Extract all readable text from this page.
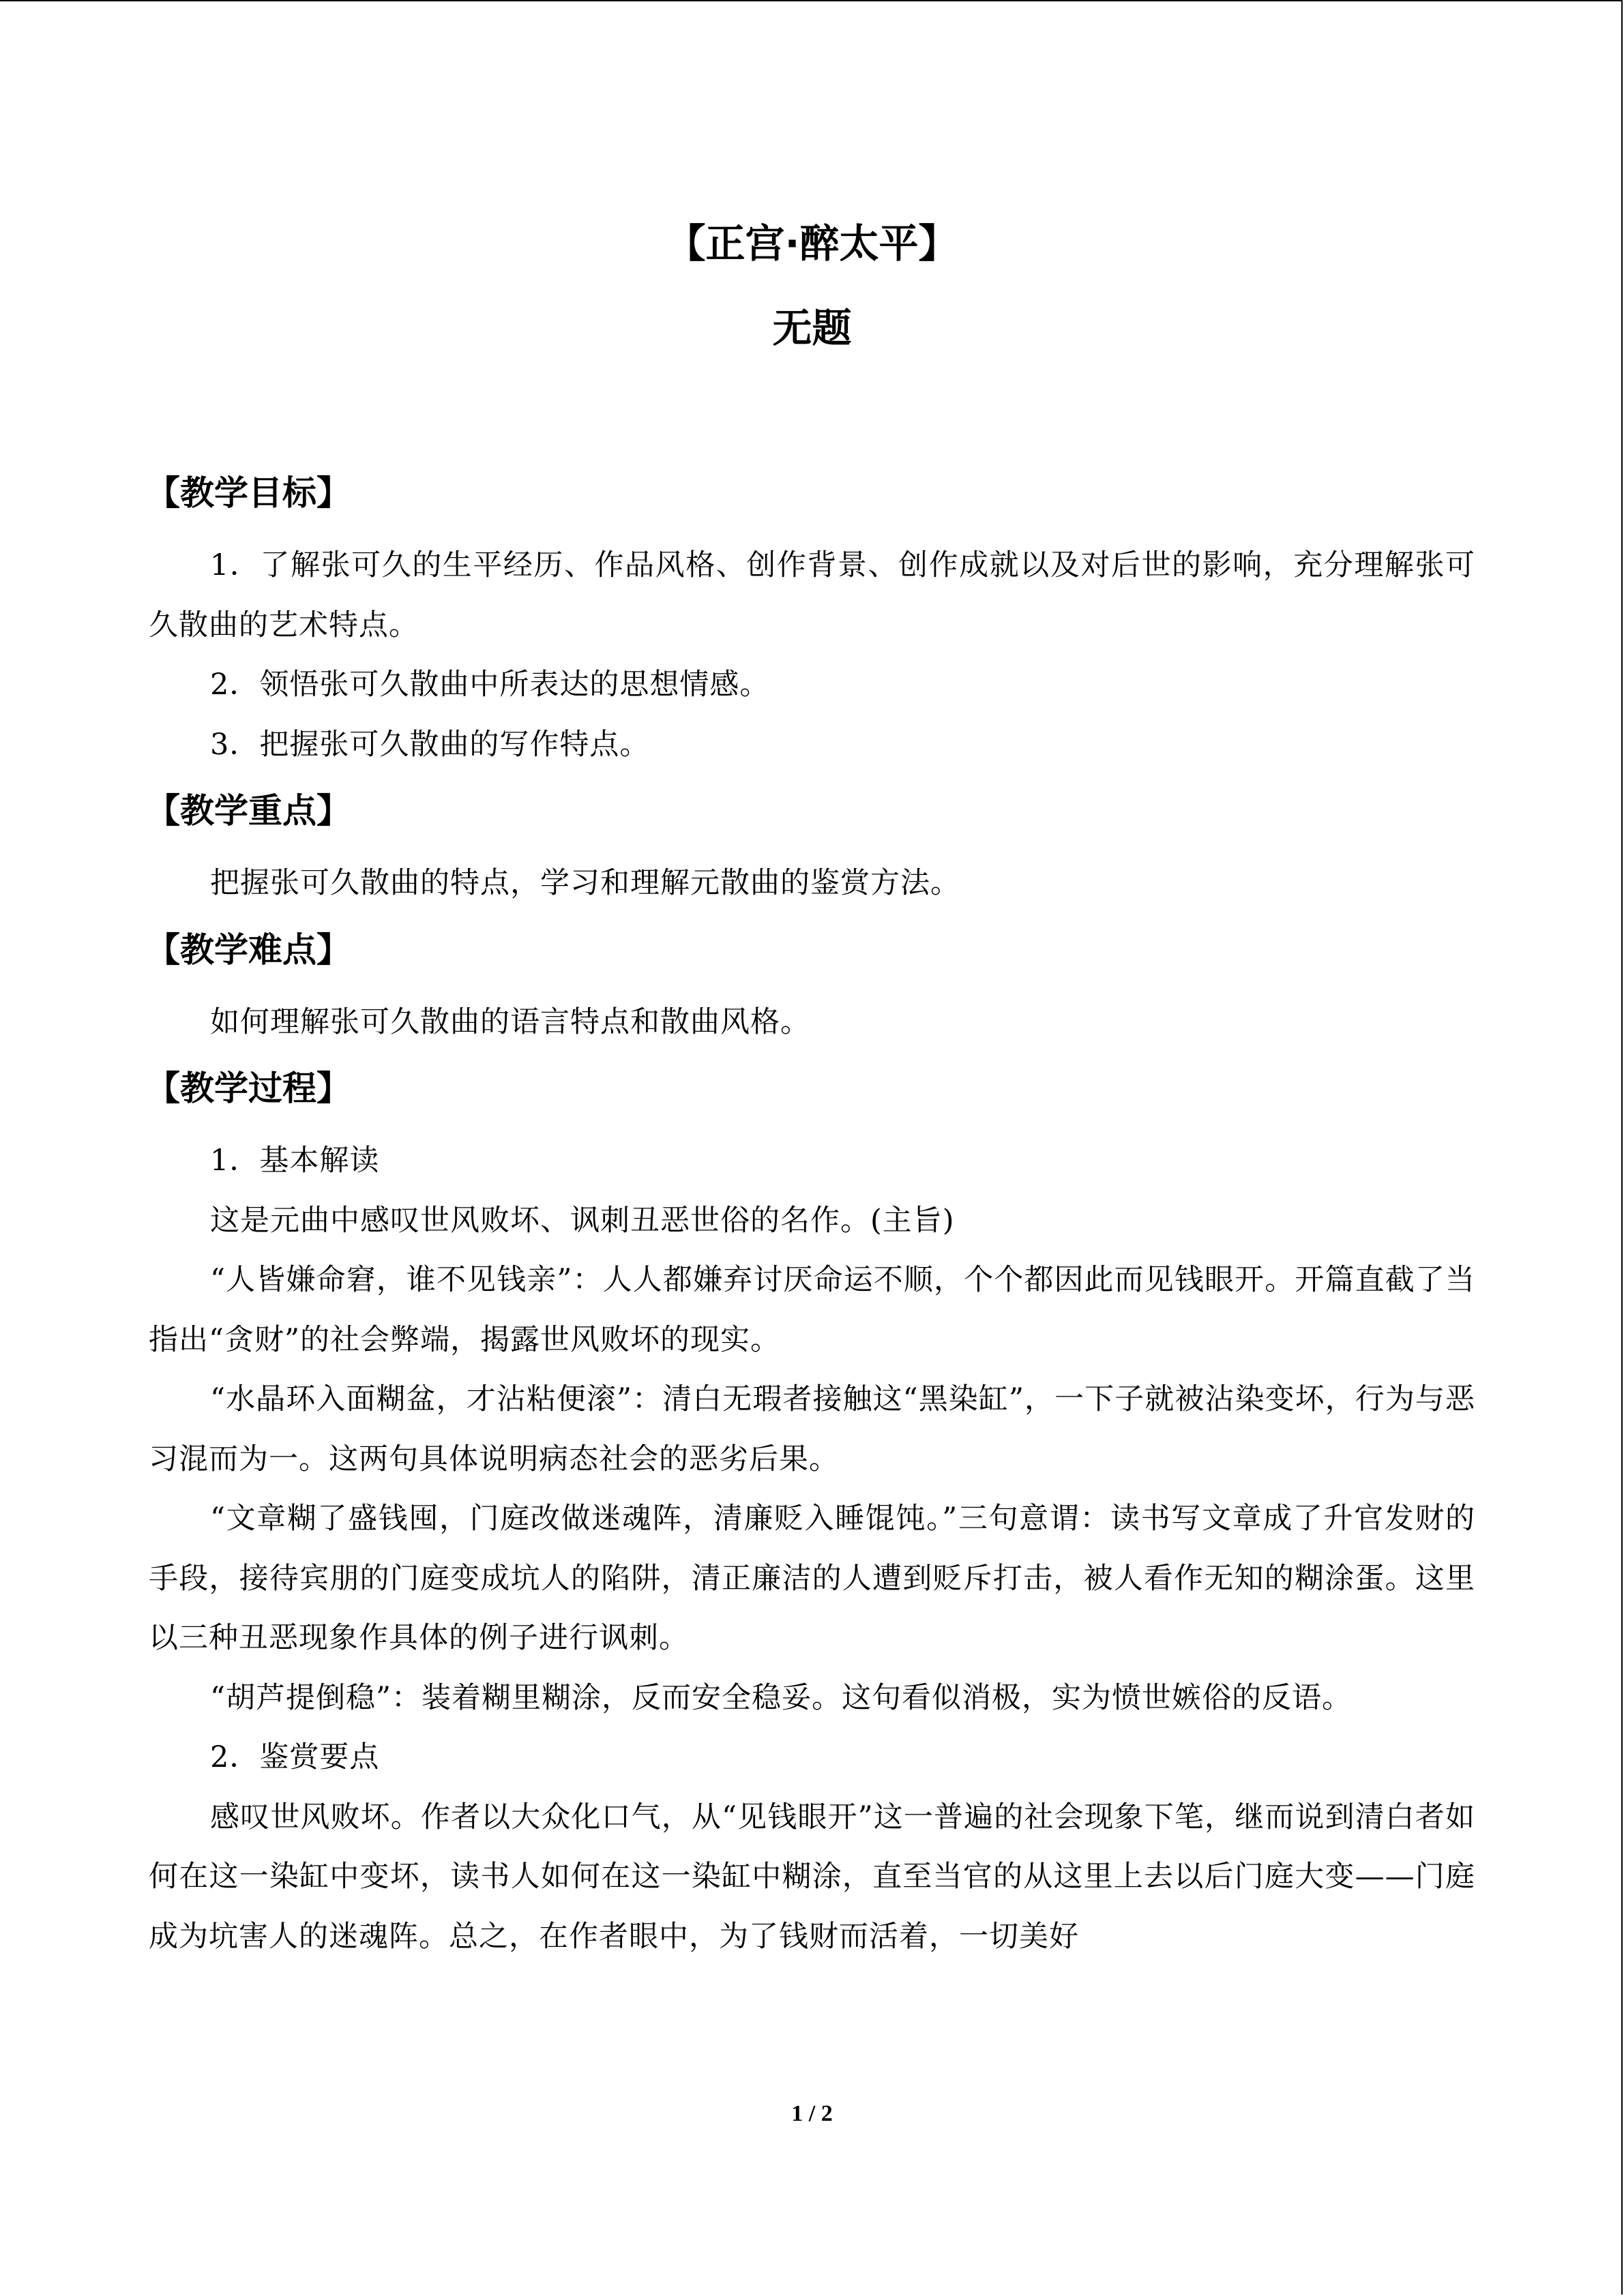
【正宫·醉太平】
无题
【教学目标】

1．了解张可久的生平经历、作品风格、创作背景、创作成就以及对后世的影响，充分理解张可久散曲的艺术特点。

2．领悟张可久散曲中所表达的思想情感。

3．把握张可久散曲的写作特点。

【教学重点】

把握张可久散曲的特点，学习和理解元散曲的鉴赏方法。

【教学难点】

如何理解张可久散曲的语言特点和散曲风格。

【教学过程】

1．基本解读

这是元曲中感叹世风败坏、讽刺丑恶世俗的名作。(主旨)

“人皆嫌命窘，谁不见钱亲”：人人都嫌弃讨厌命运不顺，个个都因此而见钱眼开。开篇直截了当指出“贪财”的社会弊端，揭露世风败坏的现实。

“水晶环入面糊盆，才沾粘便滚”：清白无瑕者接触这“黑染缸”，一下子就被沾染变坏，行为与恶习混而为一。这两句具体说明病态社会的恶劣后果。

“文章糊了盛钱囤，门庭改做迷魂阵，清廉贬入睡馄饨。”三句意谓：读书写文章成了升官发财的手段，接待宾朋的门庭变成坑人的陷阱，清正廉洁的人遭到贬斥打击，被人看作无知的糊涂蛋。这里以三种丑恶现象作具体的例子进行讽刺。

“胡芦提倒稳”：装着糊里糊涂，反而安全稳妥。这句看似消极，实为愤世嫉俗的反语。

2．鉴赏要点

感叹世风败坏。作者以大众化口气，从“见钱眼开”这一普遍的社会现象下笔，继而说到清白者如何在这一染缸中变坏，读书人如何在这一染缸中糊涂，直至当官的从这里上去以后门庭大变——门庭成为坑害人的迷魂阵。总之，在作者眼中，为了钱财而活着，一切美好

1 / 2
